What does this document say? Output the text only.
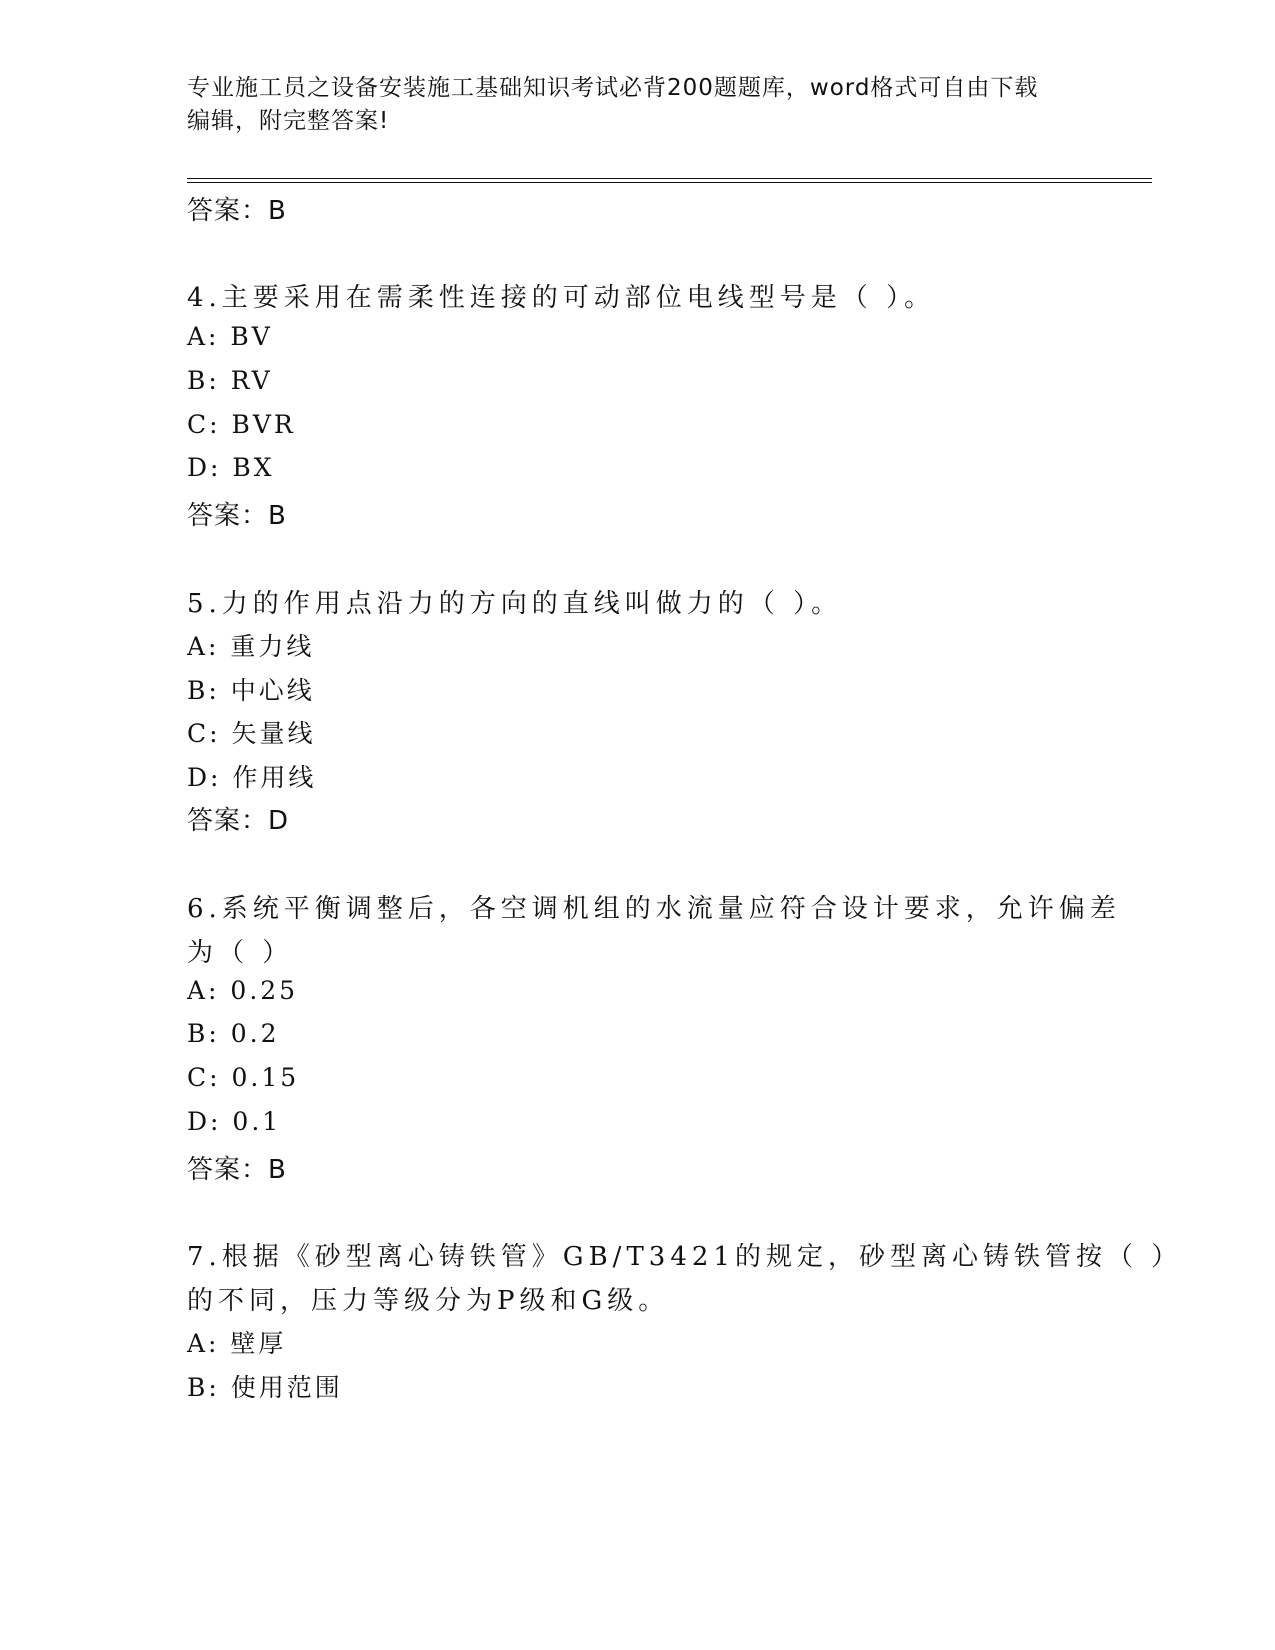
专业施工员之设备安装施工基础知识考试必背200题题库，word格式可自由下载
编辑，附完整答案!
答案：B
4.主要采用在需柔性连接的可动部位电线型号是（ ）。
A: BV
B: RV
C: BVR
D: BX
答案：B
5.力的作用点沿力的方向的直线叫做力的（ ）。
A: 重力线
B: 中心线
C: 矢量线
D: 作用线
答案：D
6.系统平衡调整后，各空调机组的水流量应符合设计要求，允许偏差
为（ ）
A: 0.25
B: 0.2
C: 0.15
D: 0.1
答案：B
7.根据《砂型离心铸铁管》GB/T3421的规定，砂型离心铸铁管按（ ）
的不同，压力等级分为P级和G级。
A: 壁厚
B: 使用范围
